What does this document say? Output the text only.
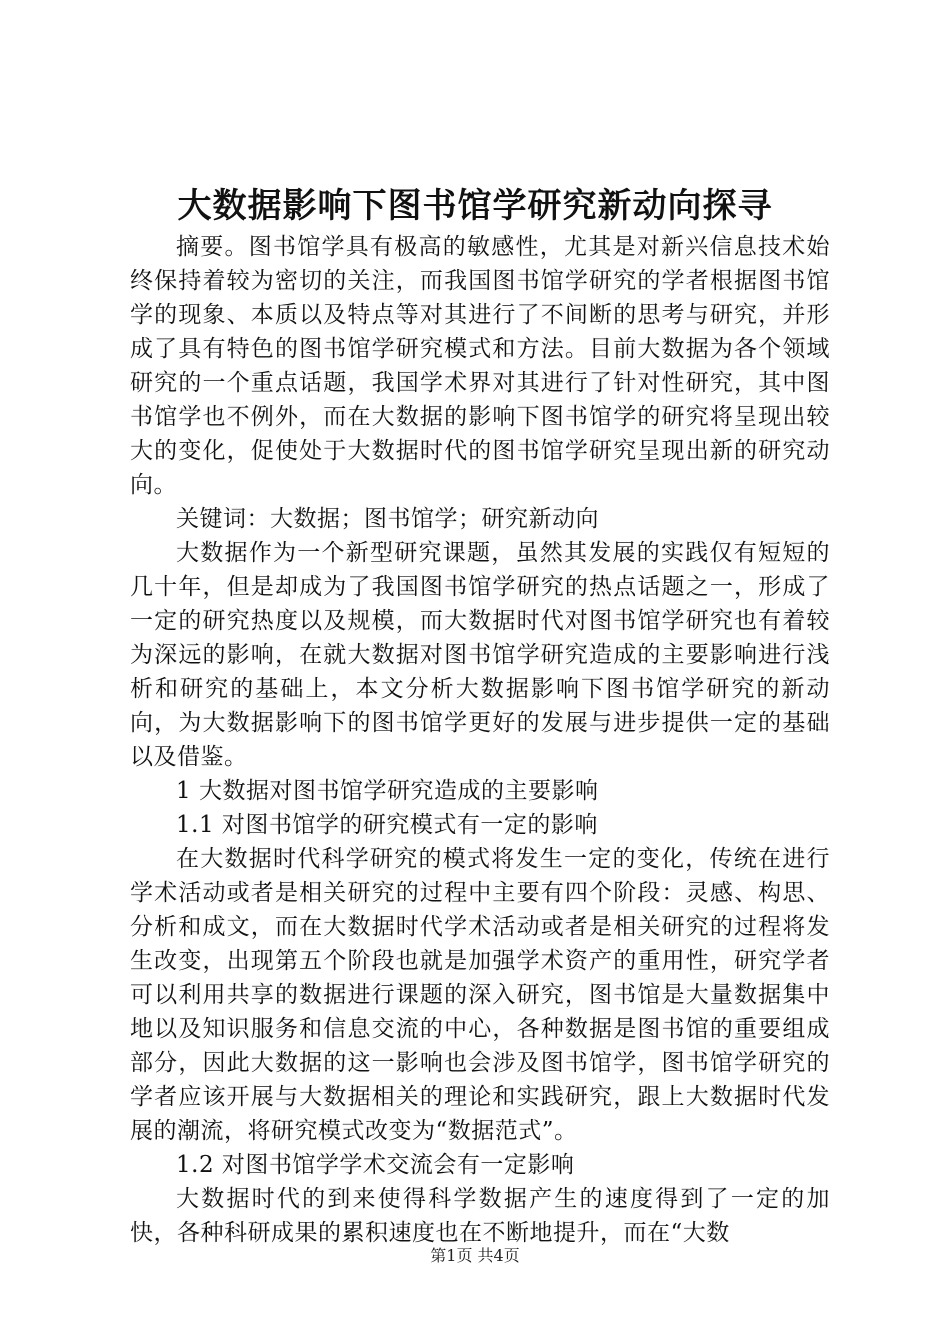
大数据影响下图书馆学研究新动向探寻

摘要。图书馆学具有极高的敏感性，尤其是对新兴信息技术始终保持着较为密切的关注，而我国图书馆学研究的学者根据图书馆学的现象、本质以及特点等对其进行了不间断的思考与研究，并形成了具有特色的图书馆学研究模式和方法。目前大数据为各个领域研究的一个重点话题，我国学术界对其进行了针对性研究，其中图书馆学也不例外，而在大数据的影响下图书馆学的研究将呈现出较大的变化，促使处于大数据时代的图书馆学研究呈现出新的研究动向。

关键词：大数据；图书馆学；研究新动向

大数据作为一个新型研究课题，虽然其发展的实践仅有短短的几十年，但是却成为了我国图书馆学研究的热点话题之一，形成了一定的研究热度以及规模，而大数据时代对图书馆学研究也有着较为深远的影响，在就大数据对图书馆学研究造成的主要影响进行浅析和研究的基础上，本文分析大数据影响下图书馆学研究的新动向，为大数据影响下的图书馆学更好的发展与进步提供一定的基础以及借鉴。

1 大数据对图书馆学研究造成的主要影响

1.1 对图书馆学的研究模式有一定的影响

在大数据时代科学研究的模式将发生一定的变化，传统在进行学术活动或者是相关研究的过程中主要有四个阶段：灵感、构思、分析和成文，而在大数据时代学术活动或者是相关研究的过程将发生改变，出现第五个阶段也就是加强学术资产的重用性，研究学者可以利用共享的数据进行课题的深入研究，图书馆是大量数据集中地以及知识服务和信息交流的中心，各种数据是图书馆的重要组成部分，因此大数据的这一影响也会涉及图书馆学，图书馆学研究的学者应该开展与大数据相关的理论和实践研究，跟上大数据时代发展的潮流，将研究模式改变为“数据范式”。

1.2 对图书馆学学术交流会有一定影响

大数据时代的到来使得科学数据产生的速度得到了一定的加快，各种科研成果的累积速度也在不断地提升，而在“大数

第1页 共4页
